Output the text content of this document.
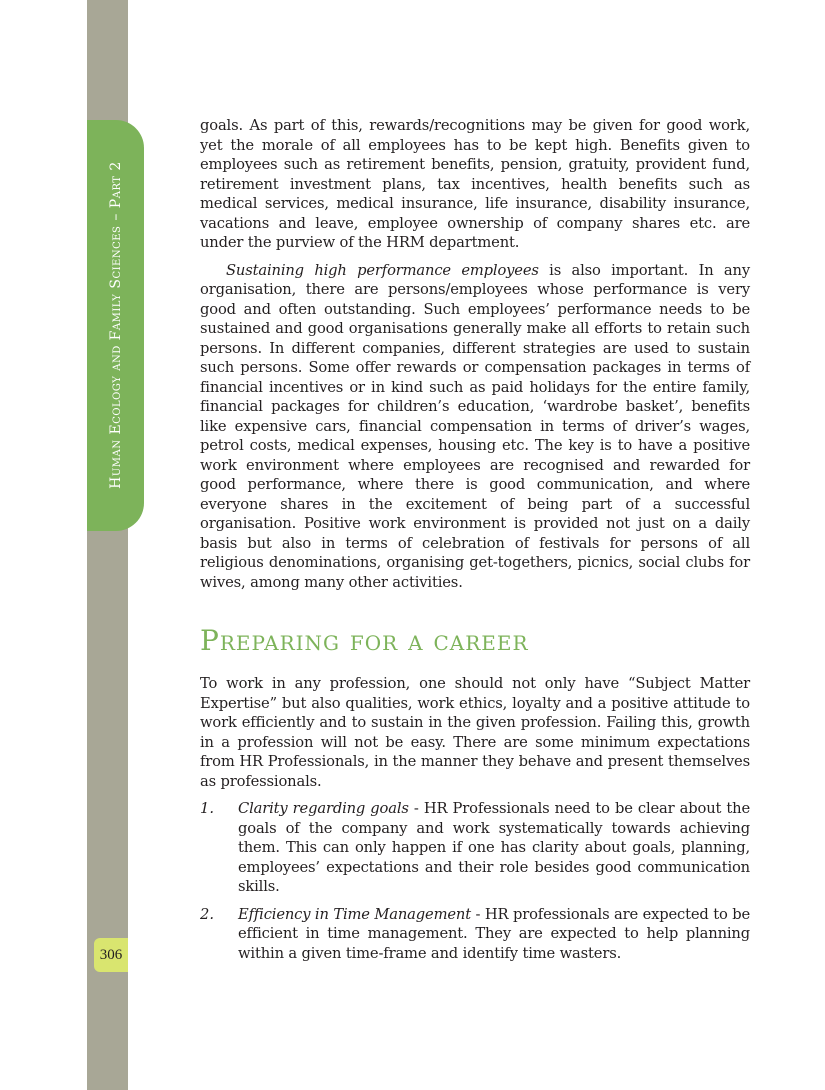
Human Ecology and Family Sciences – Part 2
306

goals. As part of this, rewards/recognitions may be given for good work, yet the morale of all employees has to be kept high. Benefits given to employees such as retirement benefits, pension, gratuity, provident fund, retirement investment plans, tax incentives, health benefits such as medical services, medical insurance, life insurance, disability insurance, vacations and leave, employee ownership of company shares etc. are under the purview of the HRM department.

Sustaining high performance employees is also important. In any organisation, there are persons/employees whose performance is very good and often outstanding. Such employees’ performance needs to be sustained and good organisations generally make all efforts to retain such persons. In different companies, different strategies are used to sustain such persons. Some offer rewards or compensation packages in terms of financial incentives or in kind such as paid holidays for the entire family, financial packages for children’s education, ‘wardrobe basket’, benefits like expensive cars, financial compensation in terms of driver’s wages, petrol costs, medical expenses, housing etc. The key is to have a positive work environment where employees are recognised and rewarded for good performance, where there is good communication, and where everyone shares in the excitement of being part of a successful organisation. Positive work environment is provided not just on a daily basis but also in terms of celebration of festivals for persons of all religious denominations, organising get-togethers, picnics, social clubs for wives, among many other activities.

Preparing for a career

To work in any profession, one should not only have “Subject Matter Expertise” but also qualities, work ethics, loyalty and a positive attitude to work efficiently and to sustain in the given profession. Failing this, growth in a profession will not be easy. There are some minimum expectations from HR Professionals, in the manner they behave and present themselves as professionals.

1.	Clarity regarding goals - HR Professionals need to be clear about the goals of the company and work systematically towards achieving them. This can only happen if one has clarity about goals, planning, employees’ expectations and their role besides good communication skills.
2.	Efficiency in Time Management - HR professionals are expected to be efficient in time management. They are expected to help planning within a given time-frame and identify time wasters.
